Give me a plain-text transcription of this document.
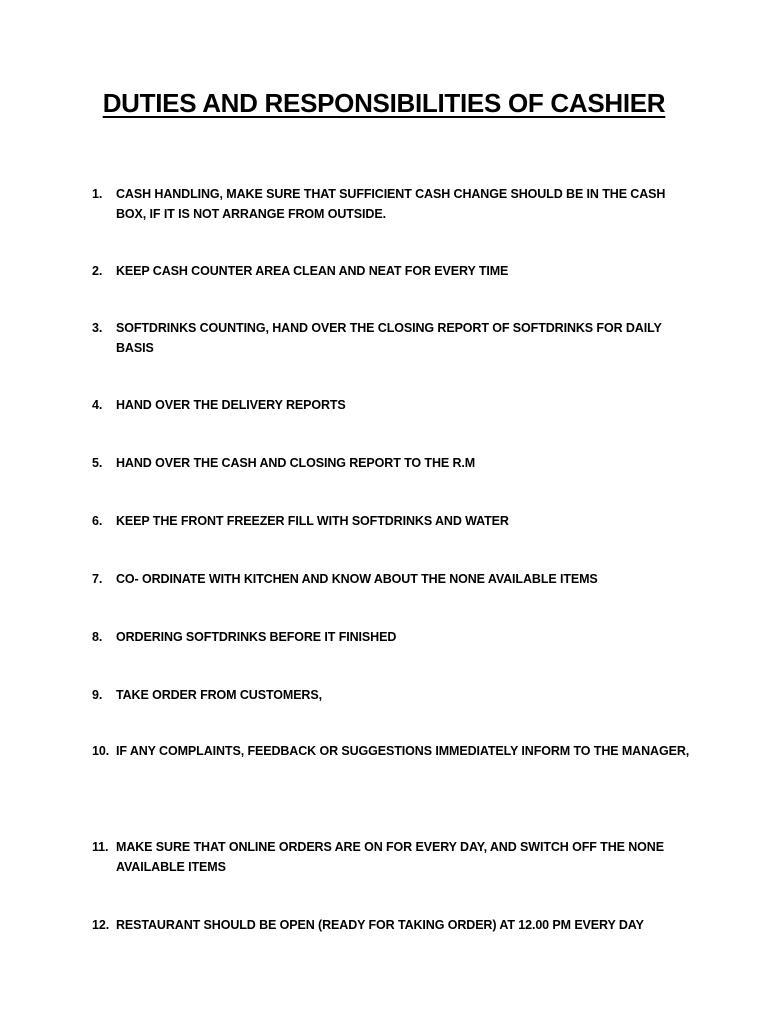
DUTIES AND RESPONSIBILITIES OF CASHIER
1.	CASH HANDLING, MAKE SURE THAT SUFFICIENT CASH CHANGE SHOULD BE IN THE CASH BOX, IF IT IS NOT ARRANGE FROM OUTSIDE.
2.	KEEP CASH COUNTER AREA CLEAN AND NEAT FOR EVERY TIME
3.	SOFTDRINKS COUNTING, HAND OVER THE CLOSING REPORT OF SOFTDRINKS FOR DAILY BASIS
4.	HAND OVER THE DELIVERY REPORTS
5.	HAND OVER THE CASH AND CLOSING REPORT TO THE R.M
6.	KEEP THE FRONT FREEZER FILL WITH SOFTDRINKS AND WATER
7.	CO- ORDINATE WITH KITCHEN AND KNOW ABOUT THE NONE AVAILABLE ITEMS
8.	ORDERING SOFTDRINKS BEFORE IT FINISHED
9.	TAKE ORDER FROM CUSTOMERS,
10. IF ANY COMPLAINTS, FEEDBACK OR SUGGESTIONS IMMEDIATELY INFORM TO THE MANAGER,
11. MAKE SURE THAT ONLINE ORDERS ARE ON FOR EVERY DAY, AND SWITCH OFF THE NONE AVAILABLE ITEMS
12. RESTAURANT SHOULD BE OPEN (READY FOR TAKING ORDER) AT 12.00 PM EVERY DAY
